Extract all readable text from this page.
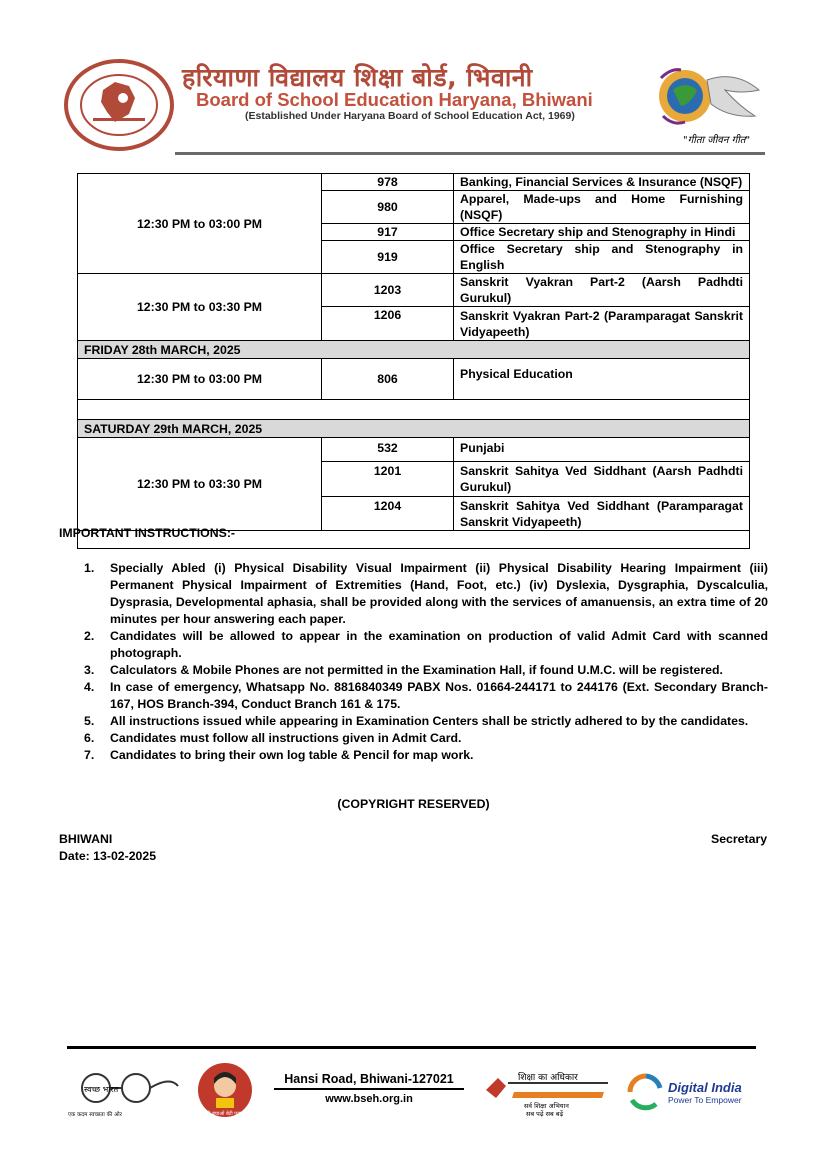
हरियाणा विद्यालय शिक्षा बोर्ड, भिवानी
Board of School Education Haryana, Bhiwani
(Established Under Haryana Board of School Education Act, 1969)
"गीता जीवन गीत"
12:30 PM to 03:00 PM	978	Banking, Financial Services & Insurance (NSQF)
	980	Apparel, Made-ups and Home Furnishing (NSQF)
	917	Office Secretary ship and Stenography in Hindi
	919	Office Secretary ship and Stenography in English
12:30 PM to 03:30 PM	1203	Sanskrit Vyakran Part-2 (Aarsh Padhdti Gurukul)
	1206	Sanskrit Vyakran Part-2 (Paramparagat Sanskrit Vidyapeeth)
FRIDAY 28th MARCH, 2025		
12:30 PM to 03:00 PM	806	Physical Education

SATURDAY 29th MARCH, 2025		
12:30 PM to 03:30 PM	532	Punjabi
	1201	Sanskrit Sahitya Ved Siddhant (Aarsh Padhdti Gurukul)
	1204	Sanskrit Sahitya Ved Siddhant (Paramparagat Sanskrit Vidyapeeth)

IMPORTANT INSTRUCTIONS:-
1. Specially Abled (i) Physical Disability Visual Impairment (ii) Physical Disability Hearing Impairment (iii) Permanent Physical Impairment of Extremities (Hand, Foot, etc.) (iv) Dyslexia, Dysgraphia, Dyscalculia, Dysprasia, Developmental aphasia, shall be provided along with the services of amanuensis, an extra time of 20 minutes per hour answering each paper.
2. Candidates will be allowed to appear in the examination on production of valid Admit Card with scanned photograph.
3. Calculators & Mobile Phones are not permitted in the Examination Hall, if found U.M.C. will be registered.
4. In case of emergency, Whatsapp No. 8816840349 PABX Nos. 01664-244171 to 244176 (Ext. Secondary Branch-167, HOS Branch-394, Conduct Branch 161 & 175.
5. All instructions issued while appearing in Examination Centers shall be strictly adhered to by the candidates.
6. Candidates must follow all instructions given in Admit Card.
7. Candidates to bring their own log table & Pencil for map work.
(COPYRIGHT RESERVED)
BHIWANI
Date: 13-02-2025
Secretary
स्वच्छ भारत
एक कदम स्वच्छता की ओर	बेटी बचाओ बेटी पढ़ाओ
Hansi Road, Bhiwani-127021
www.bseh.org.in
शिक्षा का अधिकार
सर्व शिक्षा अभियान
सब पढ़ें सब बढ़ें
Digital India
Power To Empower
